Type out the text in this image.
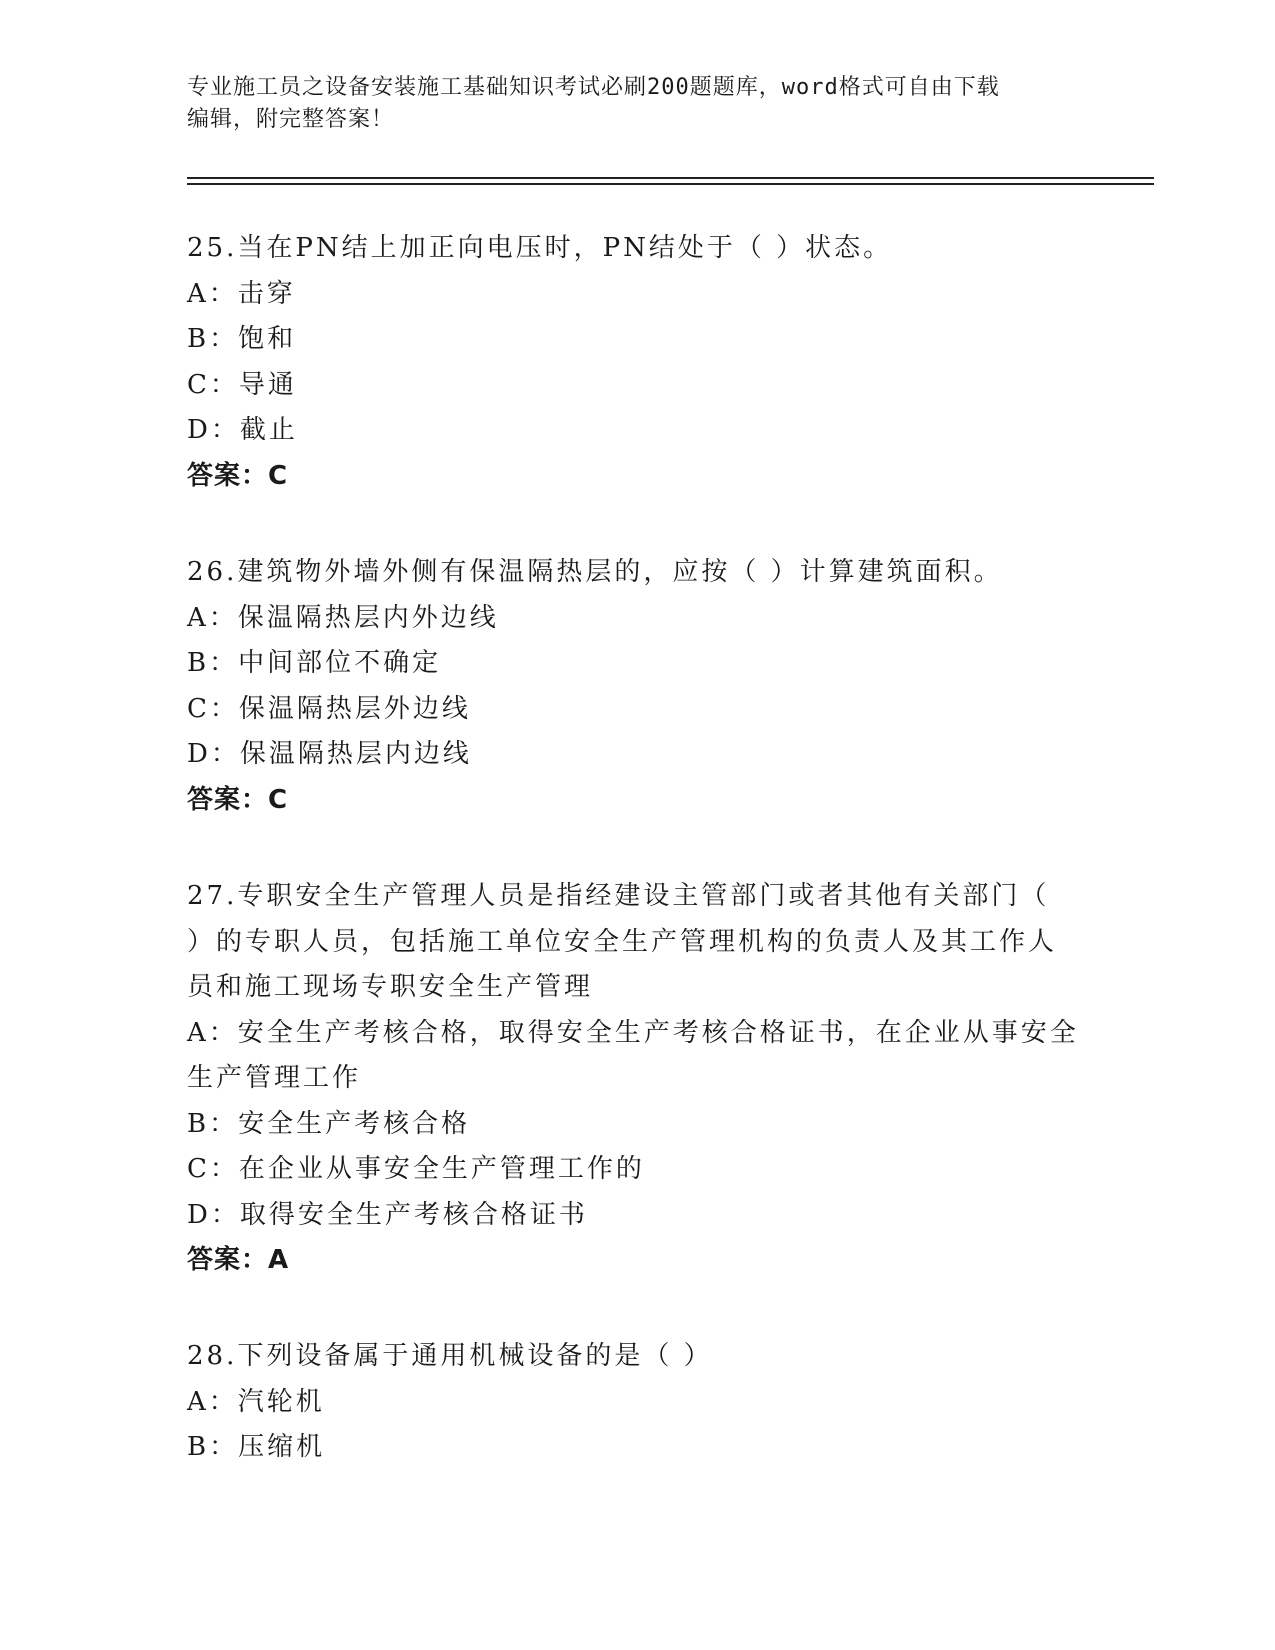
专业施工员之设备安装施工基础知识考试必刷200题题库，word格式可自由下载
编辑，附完整答案！
25.当在PN结上加正向电压时，PN结处于（ ）状态。
A：击穿
B：饱和
C：导通
D：截止
答案：C
26.建筑物外墙外侧有保温隔热层的，应按（ ）计算建筑面积。
A：保温隔热层内外边线
B：中间部位不确定
C：保温隔热层外边线
D：保温隔热层内边线
答案：C
27.专职安全生产管理人员是指经建设主管部门或者其他有关部门（
）的专职人员，包括施工单位安全生产管理机构的负责人及其工作人
员和施工现场专职安全生产管理
A：安全生产考核合格，取得安全生产考核合格证书，在企业从事安全
生产管理工作
B：安全生产考核合格
C：在企业从事安全生产管理工作的
D：取得安全生产考核合格证书
答案：A
28.下列设备属于通用机械设备的是（ ）
A：汽轮机
B：压缩机
